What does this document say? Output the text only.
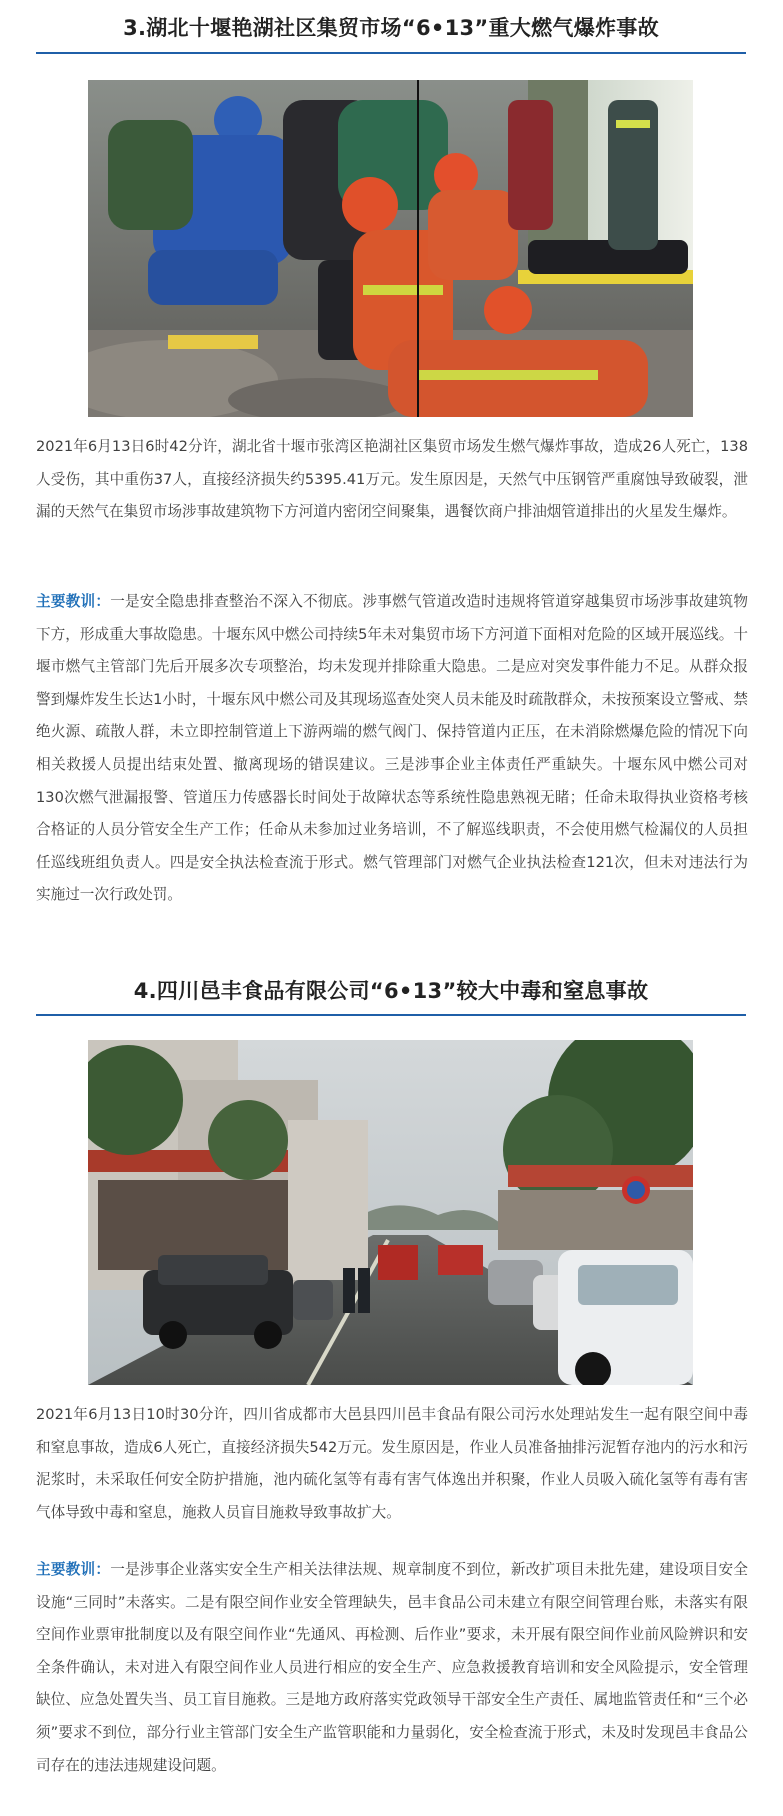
3.湖北十堰艳湖社区集贸市场“6•13”重大燃气爆炸事故

2021年6月13日6时42分许，湖北省十堰市张湾区艳湖社区集贸市场发生燃气爆炸事故，造成26人死亡，138人受伤，其中重伤37人，直接经济损失约5395.41万元。发生原因是，天然气中压钢管严重腐蚀导致破裂，泄漏的天然气在集贸市场涉事故建筑物下方河道内密闭空间聚集，遇餐饮商户排油烟管道排出的火星发生爆炸。

主要教训：一是安全隐患排查整治不深入不彻底。涉事燃气管道改造时违规将管道穿越集贸市场涉事故建筑物下方，形成重大事故隐患。十堰东风中燃公司持续5年未对集贸市场下方河道下面相对危险的区域开展巡线。十堰市燃气主管部门先后开展多次专项整治，均未发现并排除重大隐患。二是应对突发事件能力不足。从群众报警到爆炸发生长达1小时，十堰东风中燃公司及其现场巡查处突人员未能及时疏散群众，未按预案设立警戒、禁绝火源、疏散人群，未立即控制管道上下游两端的燃气阀门、保持管道内正压，在未消除燃爆危险的情况下向相关救援人员提出结束处置、撤离现场的错误建议。三是涉事企业主体责任严重缺失。十堰东风中燃公司对130次燃气泄漏报警、管道压力传感器长时间处于故障状态等系统性隐患熟视无睹；任命未取得执业资格考核合格证的人员分管安全生产工作；任命从未参加过业务培训，不了解巡线职责，不会使用燃气检漏仪的人员担任巡线班组负责人。四是安全执法检查流于形式。燃气管理部门对燃气企业执法检查121次，但未对违法行为实施过一次行政处罚。

4.四川邑丰食品有限公司“6•13”较大中毒和窒息事故

2021年6月13日10时30分许，四川省成都市大邑县四川邑丰食品有限公司污水处理站发生一起有限空间中毒和窒息事故，造成6人死亡，直接经济损失542万元。发生原因是，作业人员准备抽排污泥暂存池内的污水和污泥浆时，未采取任何安全防护措施，池内硫化氢等有毒有害气体逸出并积聚，作业人员吸入硫化氢等有毒有害气体导致中毒和窒息，施救人员盲目施救导致事故扩大。

主要教训：一是涉事企业落实安全生产相关法律法规、规章制度不到位，新改扩项目未批先建，建设项目安全设施“三同时”未落实。二是有限空间作业安全管理缺失，邑丰食品公司未建立有限空间管理台账，未落实有限空间作业票审批制度以及有限空间作业“先通风、再检测、后作业”要求，未开展有限空间作业前风险辨识和安全条件确认，未对进入有限空间作业人员进行相应的安全生产、应急救援教育培训和安全风险提示，安全管理缺位、应急处置失当、员工盲目施救。三是地方政府落实党政领导干部安全生产责任、属地监管责任和“三个必须”要求不到位，部分行业主管部门安全生产监管职能和力量弱化，安全检查流于形式，未及时发现邑丰食品公司存在的违法违规建设问题。
